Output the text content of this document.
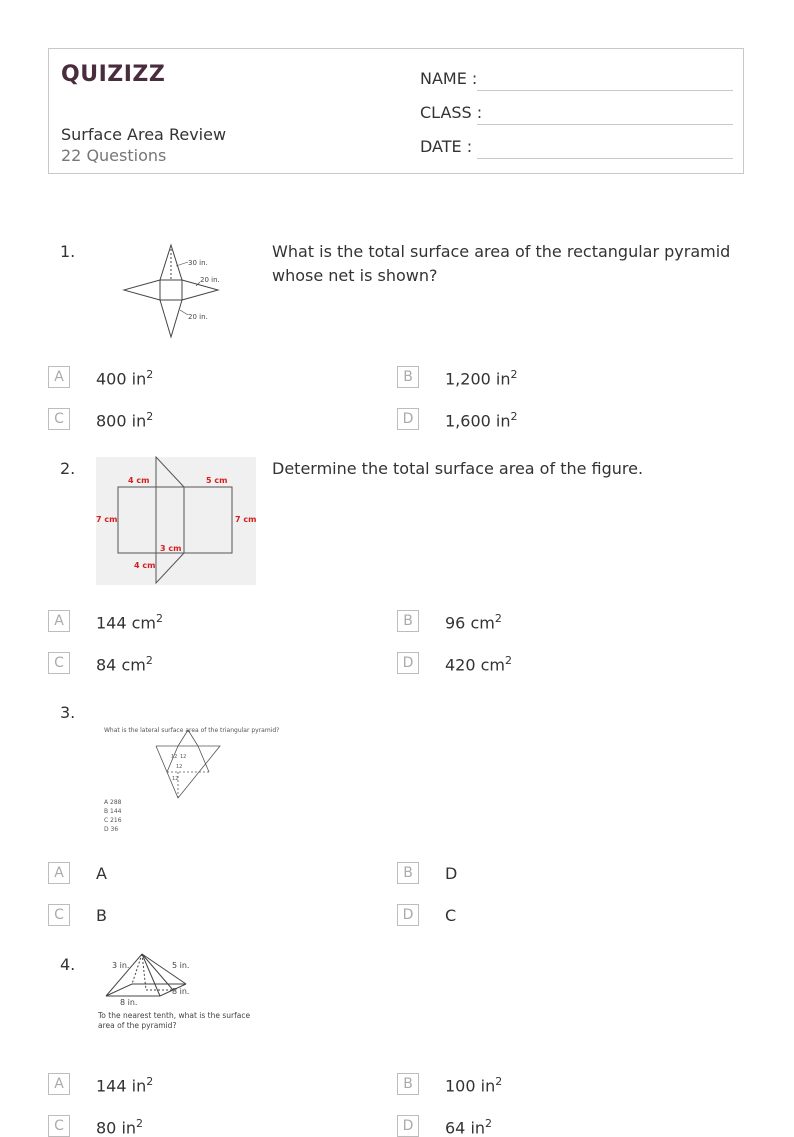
QUIZIZZ
Surface Area Review
22 Questions
NAME :
CLASS :
DATE :
1.
30 in.
20 in.
20 in.
What is the total surface area of the rectangular pyramid whose net is shown?
A	400 $in^2$	B	1,200 $in^2$
C	800 $in^2$	D	1,600 $in^2$
2.
4 cm	5 cm
7 cm	7 cm
3 cm
4 cm
Determine the total surface area of the figure.
A	144 $cm^2$	B	96 $cm^2$
C	84 $cm^2$	D	420 $cm^2$
3.
What is the lateral surface area of the triangular pyramid?
12 12
12
12
A 288
B 144
C 216
D 36
A	A	B	D
C	B	D	C
4.	3 in.	5 in.
8 in.
8 in.
To the nearest tenth, what is the surface
area of the pyramid?
A	144 $in^2$	B	100 $in^2$
C	80 $in^2$	D	64 $in^2$
